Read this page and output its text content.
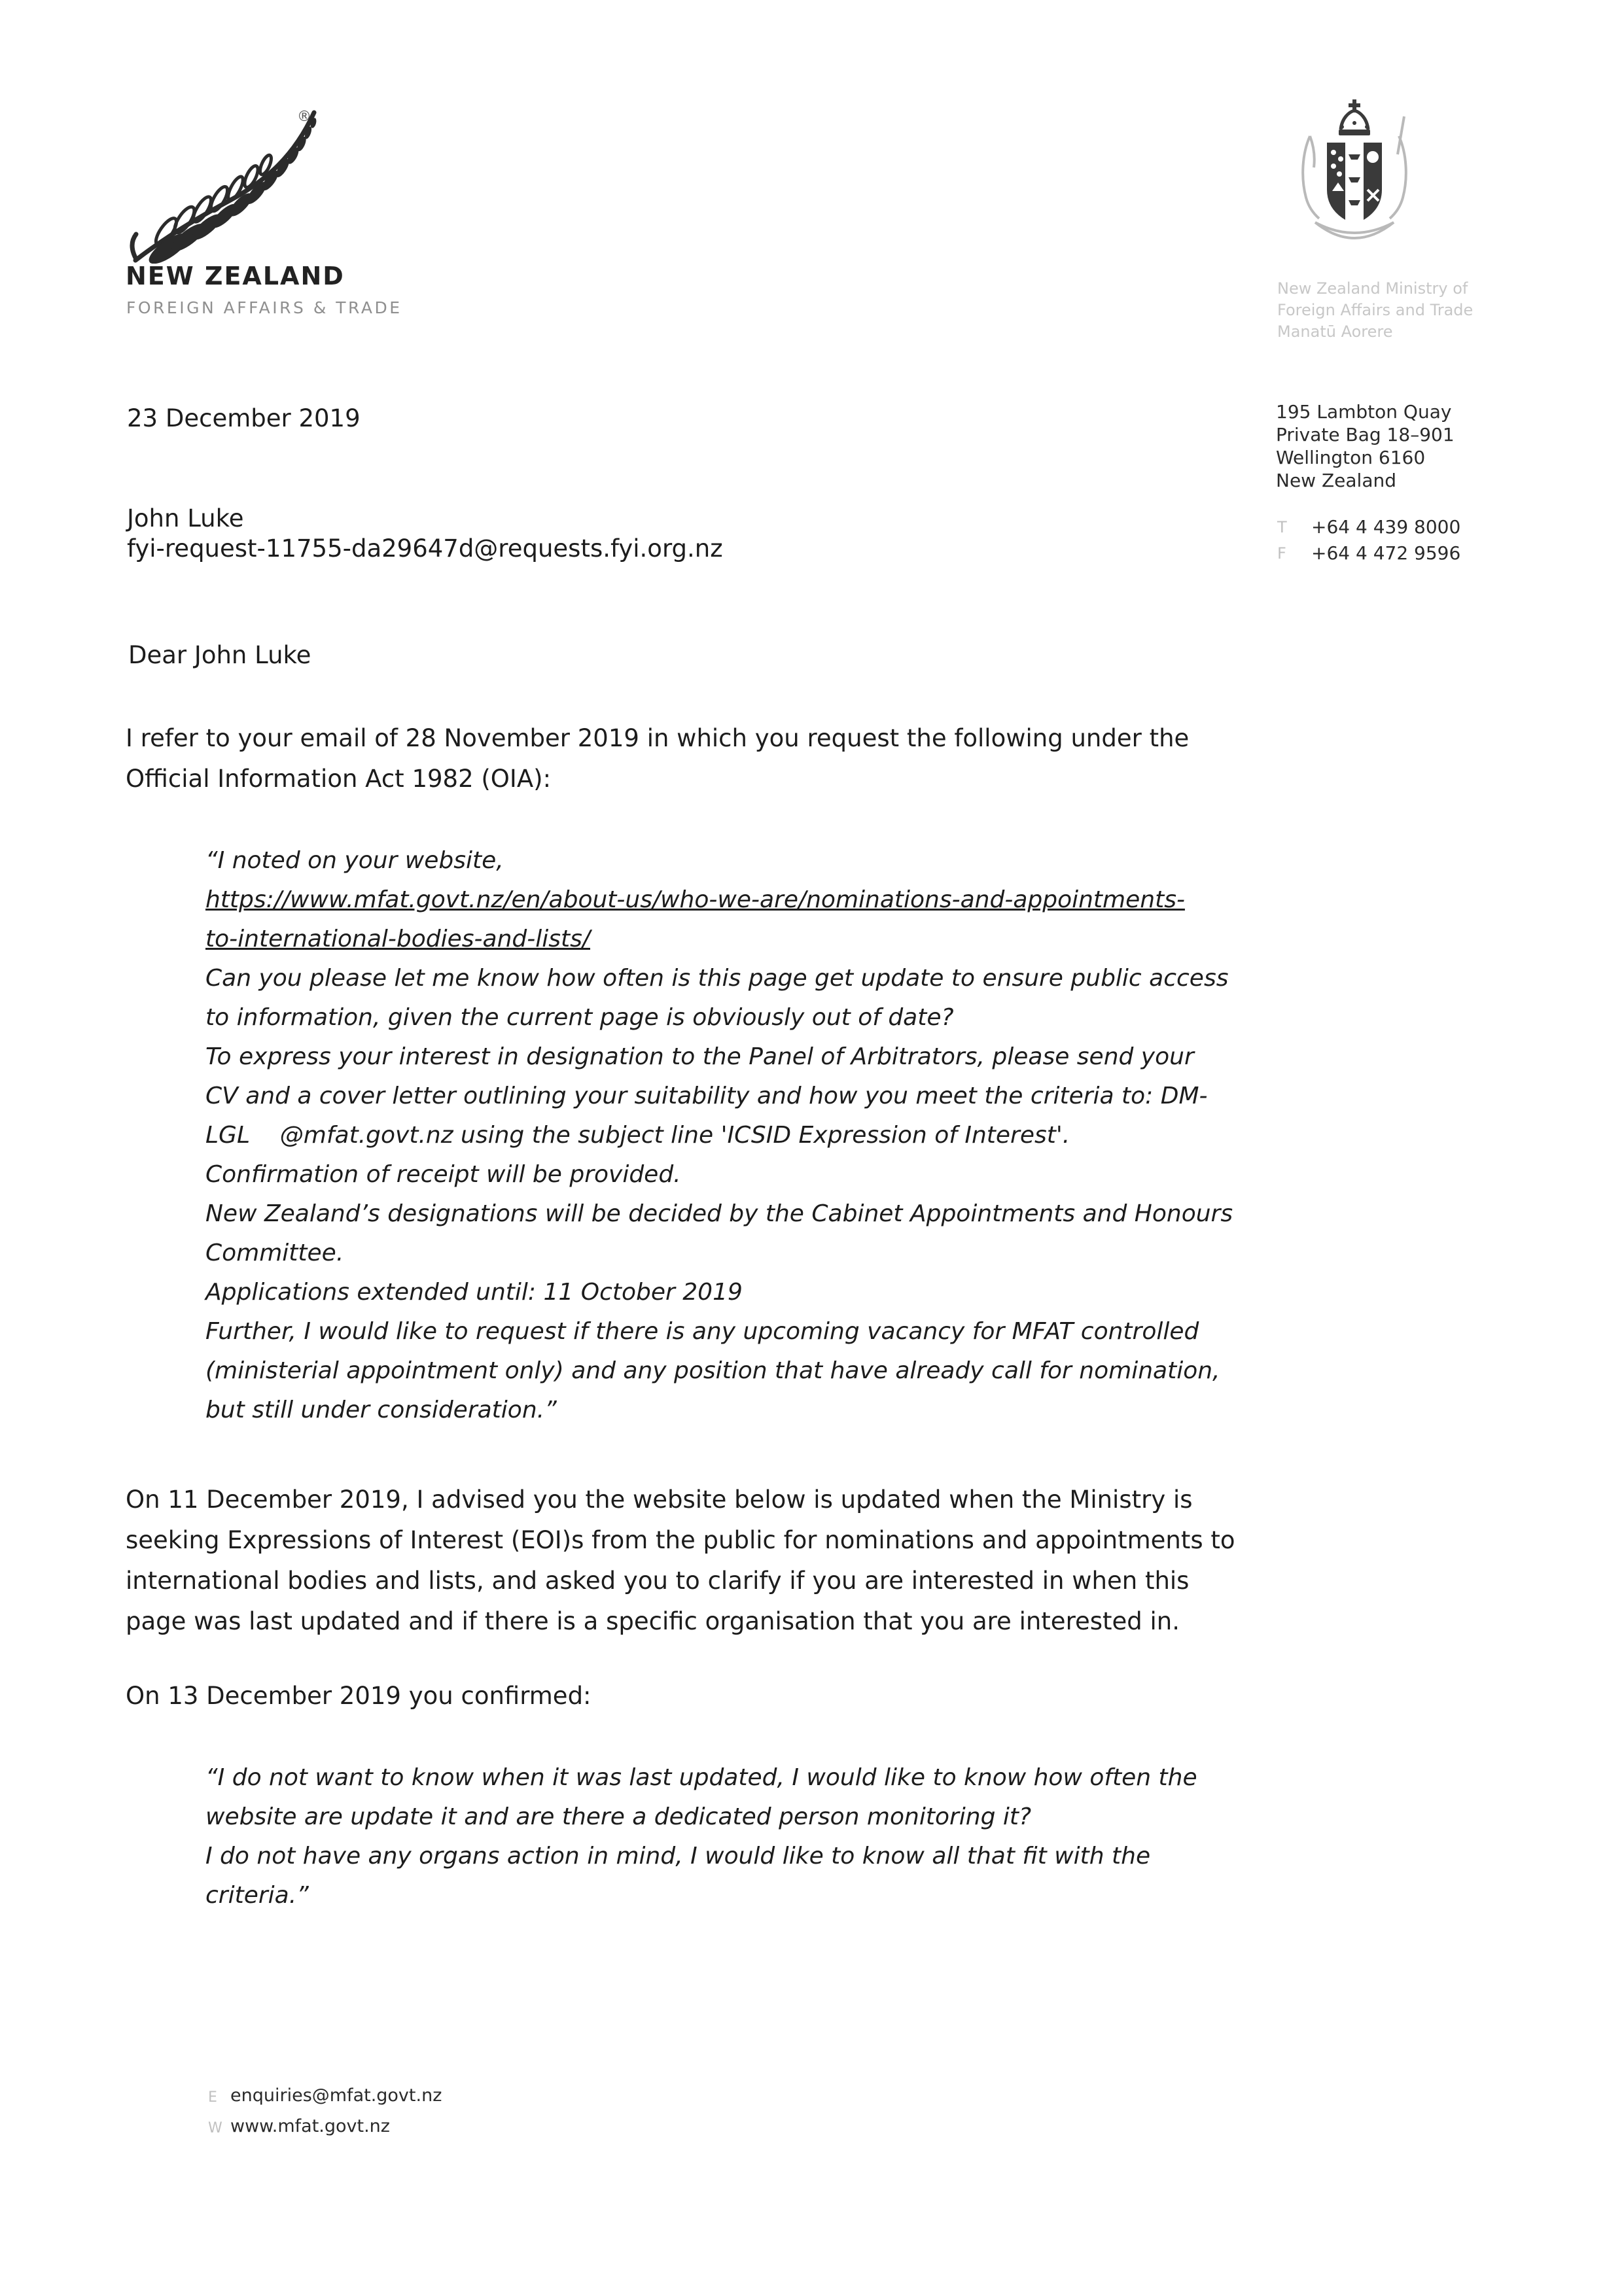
®
NEW ZEALAND
FOREIGN AFFAIRS & TRADE
New Zealand Ministry of
Foreign Affairs and Trade
Manatū Aorere
195 Lambton Quay
Private Bag 18–901
Wellington 6160
New Zealand
T	+64 4 439 8000
F	+64 4 472 9596
23 December 2019
John Luke
fyi-request-11755-da29647d@requests.fyi.org.nz
Dear John Luke
I refer to your email of 28 November 2019 in which you request the following under the
Official Information Act 1982 (OIA):
“I noted on your website,
https://www.mfat.govt.nz/en/about-us/who-we-are/nominations-and-appointments-
to-international-bodies-and-lists/
Can you please let me know how often is this page get update to ensure public access
to information, given the current page is obviously out of date?
To express your interest in designation to the Panel of Arbitrators, please send your
CV and a cover letter outlining your suitability and how you meet the criteria to: DM-
LGL    @mfat.govt.nz using the subject line 'ICSID Expression of Interest'.
Confirmation of receipt will be provided.
New Zealand’s designations will be decided by the Cabinet Appointments and Honours
Committee.
Applications extended until: 11 October 2019
Further, I would like to request if there is any upcoming vacancy for MFAT controlled
(ministerial appointment only) and any position that have already call for nomination,
but still under consideration.”
On 11 December 2019, I advised you the website below is updated when the Ministry is
seeking Expressions of Interest (EOI)s from the public for nominations and appointments to
international bodies and lists, and asked you to clarify if you are interested in when this
page was last updated and if there is a specific organisation that you are interested in.
On 13 December 2019 you confirmed:
“I do not want to know when it was last updated, I would like to know how often the
website are update it and are there a dedicated person monitoring it?
I do not have any organs action in mind, I would like to know all that fit with the
criteria.”
E enquiries@mfat.govt.nz
W www.mfat.govt.nz
